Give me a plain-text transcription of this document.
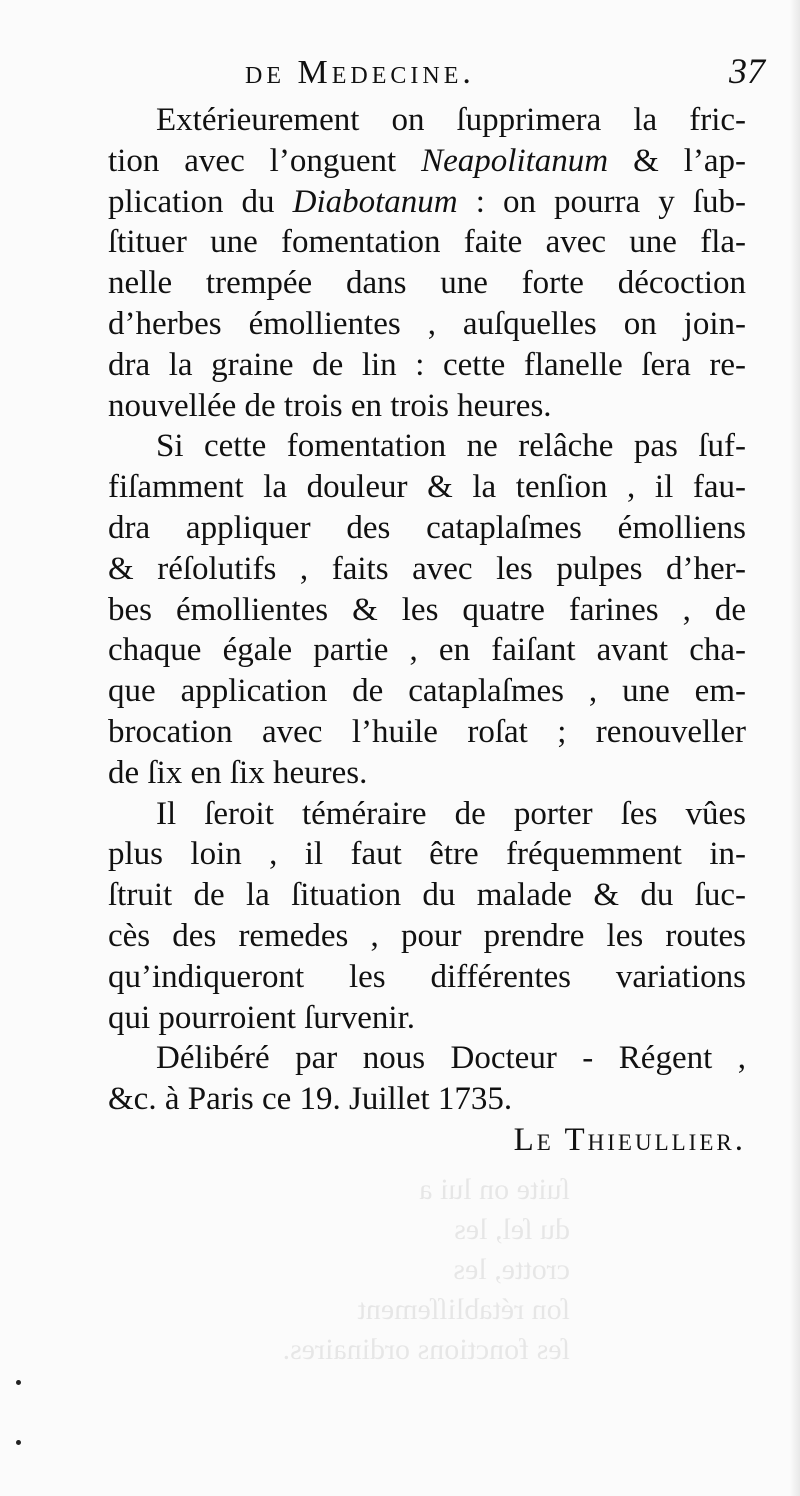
ſuite on lui a
du ſel, les
crotte, les
ſon rétabliſſement
ſes fonctions ordinaires.
de Medecine.	37
Extérieurement on ſupprimera la fric-
tion avec l’onguent Neapolitanum & l’ap-
plication du Diabotanum : on pourra y ſub-
ſtituer une fomentation faite avec une fla-
nelle trempée dans une forte décoction
d’herbes émollientes , auſquelles on join-
dra la graine de lin : cette flanelle ſera re-
nouvellée de trois en trois heures.
Si cette fomentation ne relâche pas ſuf-
fiſamment la douleur & la tenſion , il fau-
dra appliquer des cataplaſmes émolliens
& réſolutifs , faits avec les pulpes d’her-
bes émollientes & les quatre farines , de
chaque égale partie , en faiſant avant cha-
que application de cataplaſmes , une em-
brocation avec l’huile roſat ; renouveller
de ſix en ſix heures.
Il ſeroit téméraire de porter ſes vûes
plus loin , il faut être fréquemment in-
ſtruit de la ſituation du malade & du ſuc-
cès des remedes , pour prendre les routes
qu’indiqueront les différentes variations
qui pourroient ſurvenir.
Délibéré par nous Docteur - Régent ,
&c. à Paris ce 19. Juillet 1735.
Le Thieullier.
